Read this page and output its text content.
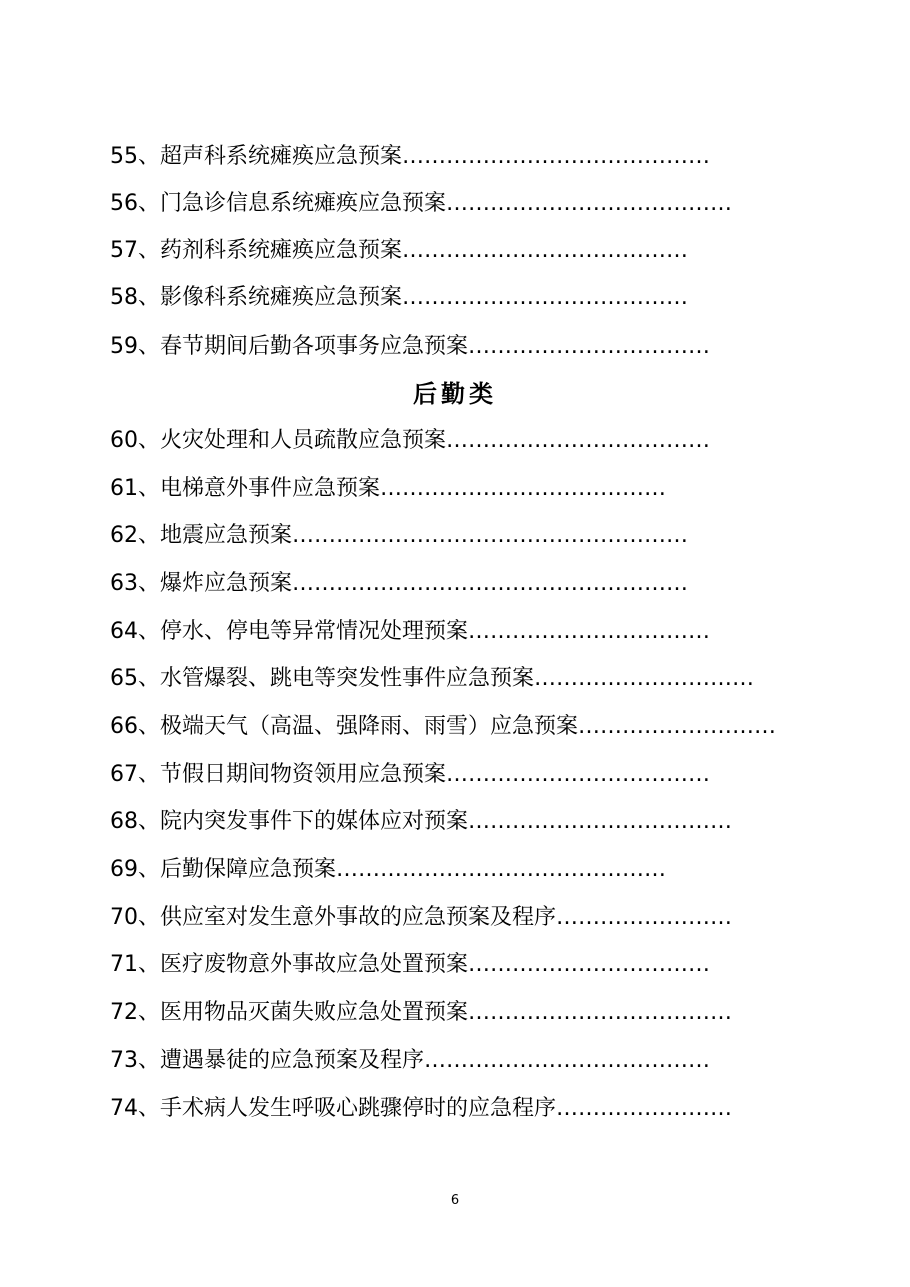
55、超声科系统瘫痪应急预案……………………………………
56、门急诊信息系统瘫痪应急预案…………………………………
57、药剂科系统瘫痪应急预案…………………………………
58、影像科系统瘫痪应急预案…………………………………
59、春节期间后勤各项事务应急预案……………………………
后勤类
60、火灾处理和人员疏散应急预案………………………………
61、电梯意外事件应急预案…………………………………
62、地震应急预案………………………………………………
63、爆炸应急预案………………………………………………
64、停水、停电等异常情况处理预案……………………………
65、水管爆裂、跳电等突发性事件应急预案…………………………
66、极端天气（高温、强降雨、雨雪）应急预案………………………
67、节假日期间物资领用应急预案………………………………
68、院内突发事件下的媒体应对预案………………………………
69、后勤保障应急预案………………………………………
70、供应室对发生意外事故的应急预案及程序……………………
71、医疗废物意外事故应急处置预案……………………………
72、医用物品灭菌失败应急处置预案………………………………
73、遭遇暴徒的应急预案及程序…………………………………
74、手术病人发生呼吸心跳骤停时的应急程序……………………
6
